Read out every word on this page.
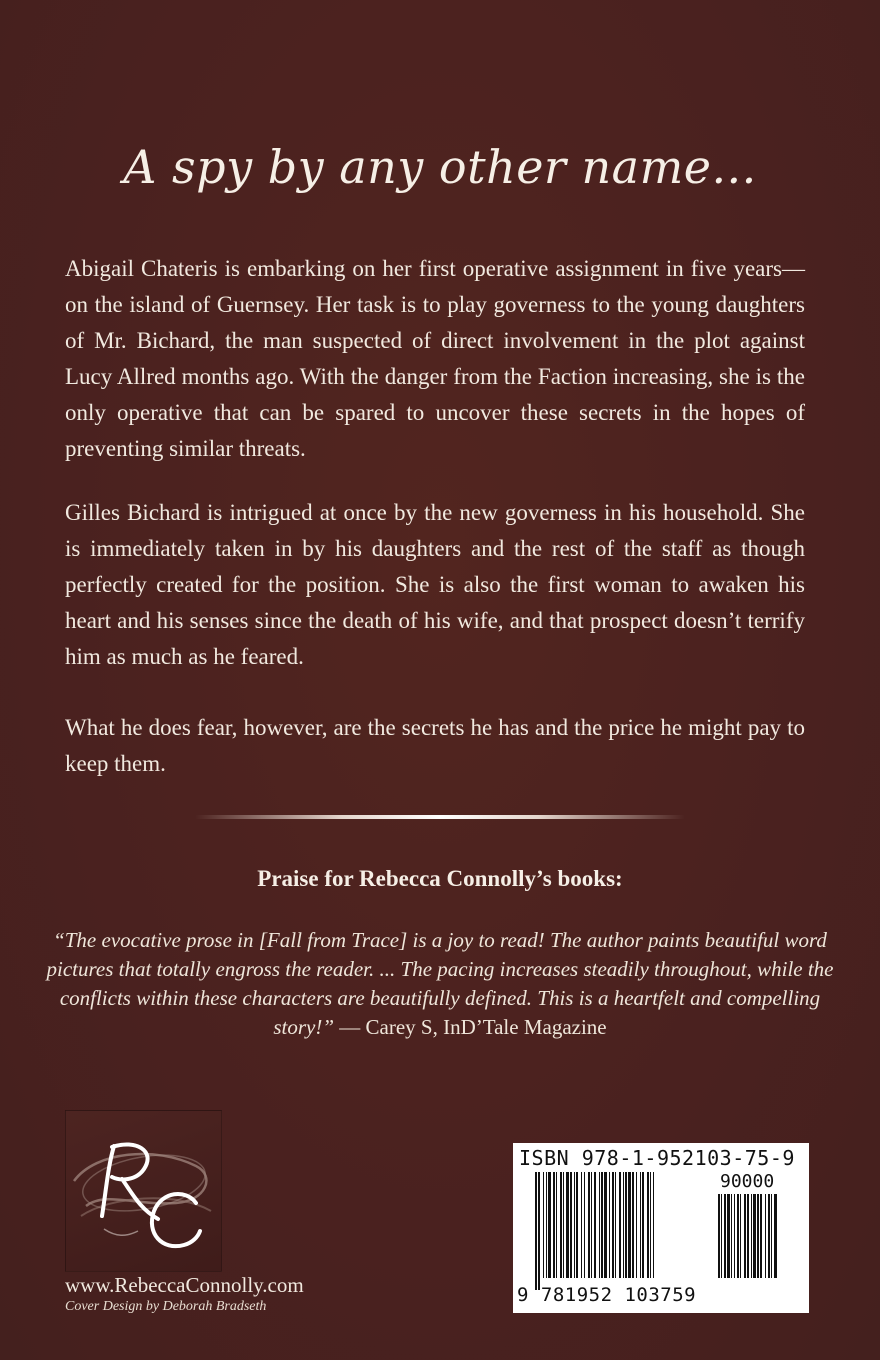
A spy by any other name...
Abigail Chateris is embarking on her first operative assignment in five years—on the island of Guernsey. Her task is to play governess to the young daughters of Mr. Bichard, the man suspected of direct involvement in the plot against Lucy Allred months ago. With the danger from the Faction increasing, she is the only operative that can be spared to uncover these secrets in the hopes of preventing similar threats.
Gilles Bichard is intrigued at once by the new governess in his household. She is immediately taken in by his daughters and the rest of the staff as though perfectly created for the position. She is also the first woman to awaken his heart and his senses since the death of his wife, and that prospect doesn’t terrify him as much as he feared.
What he does fear, however, are the secrets he has and the price he might pay to keep them.
Praise for Rebecca Connolly’s books:
“The evocative prose in [Fall from Trace] is a joy to read! The author paints beautiful word pictures that totally engross the reader. ... The pacing increases steadily throughout, while the conflicts within these characters are beautifully defined. This is a heartfelt and compelling story!” — Carey S, InD’Tale Magazine
www.RebeccaConnolly.com
Cover Design by Deborah Bradseth
ISBN 978-1-952103-75-9
90000
9 781952 103759
